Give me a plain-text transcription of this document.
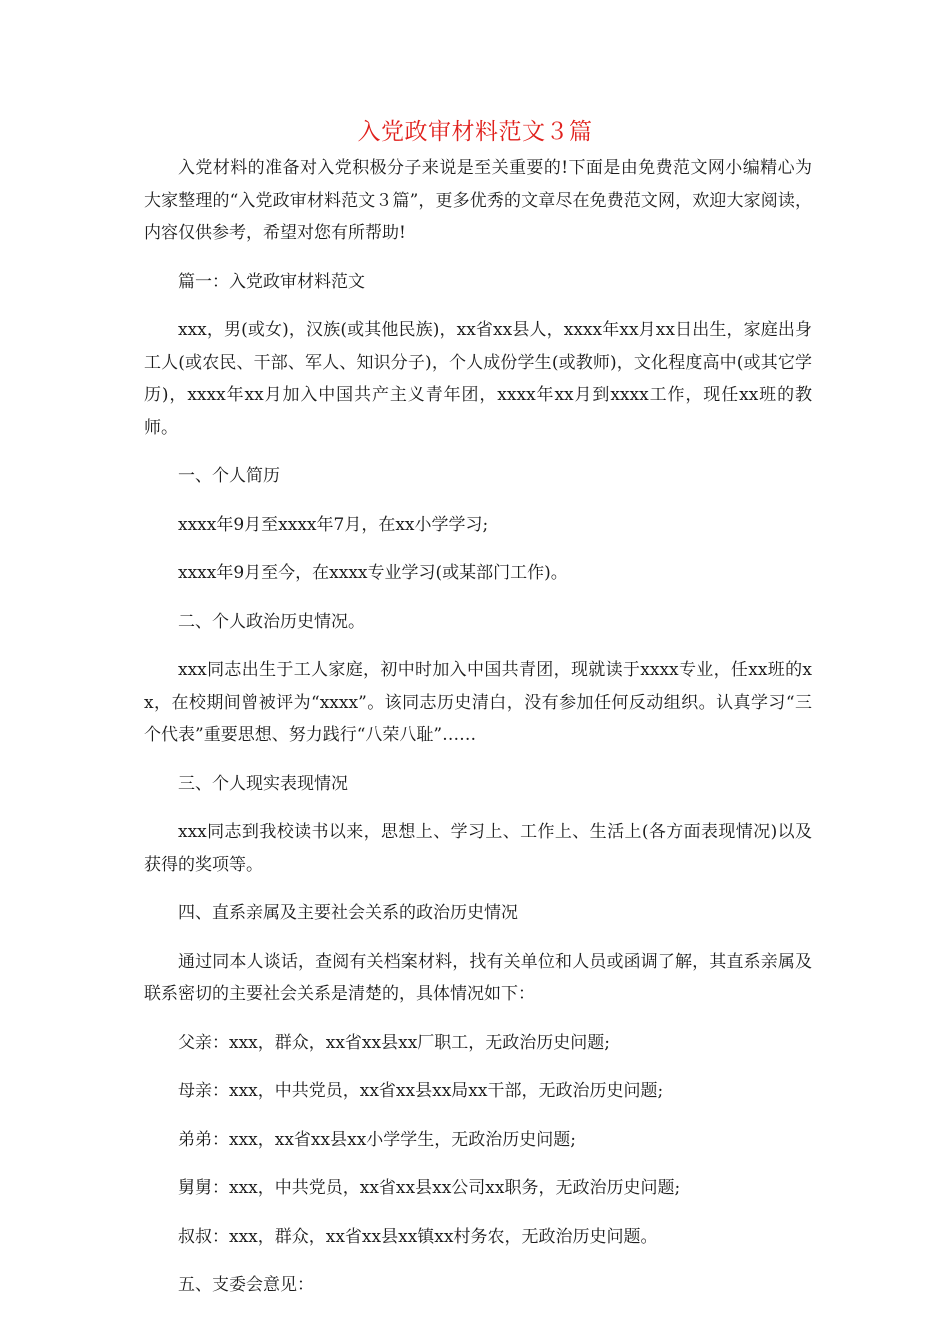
入党政审材料范文３篇

入党材料的准备对入党积极分子来说是至关重要的!下面是由免费范文网小编精心为大家整理的“入党政审材料范文３篇”，更多优秀的文章尽在免费范文网，欢迎大家阅读，内容仅供参考，希望对您有所帮助!

篇一：入党政审材料范文

xxx，男(或女)，汉族(或其他民族)，xx省xx县人，xxxx年xx月xx日出生，家庭出身工人(或农民、干部、军人、知识分子)，个人成份学生(或教师)，文化程度高中(或其它学历)，xxxx年xx月加入中国共产主义青年团，xxxx年xx月到xxxx工作，现任xx班的教师。

一、个人简历

xxxx年9月至xxxx年7月，在xx小学学习;

xxxx年9月至今，在xxxx专业学习(或某部门工作)。

二、个人政治历史情况。

xxx同志出生于工人家庭，初中时加入中国共青团，现就读于xxxx专业，任xx班的xx，在校期间曾被评为“xxxx”。该同志历史清白，没有参加任何反动组织。认真学习“三个代表”重要思想、努力践行“八荣八耻”……

三、个人现实表现情况

xxx同志到我校读书以来，思想上、学习上、工作上、生活上(各方面表现情况)以及获得的奖项等。

四、直系亲属及主要社会关系的政治历史情况

通过同本人谈话，查阅有关档案材料，找有关单位和人员或函调了解，其直系亲属及联系密切的主要社会关系是清楚的，具体情况如下：

父亲：xxx，群众，xx省xx县xx厂职工，无政治历史问题;

母亲：xxx，中共党员，xx省xx县xx局xx干部，无政治历史问题;

弟弟：xxx，xx省xx县xx小学学生，无政治历史问题;

舅舅：xxx，中共党员，xx省xx县xx公司xx职务，无政治历史问题;

叔叔：xxx，群众，xx省xx县xx镇xx村务农，无政治历史问题。

五、支委会意见：
